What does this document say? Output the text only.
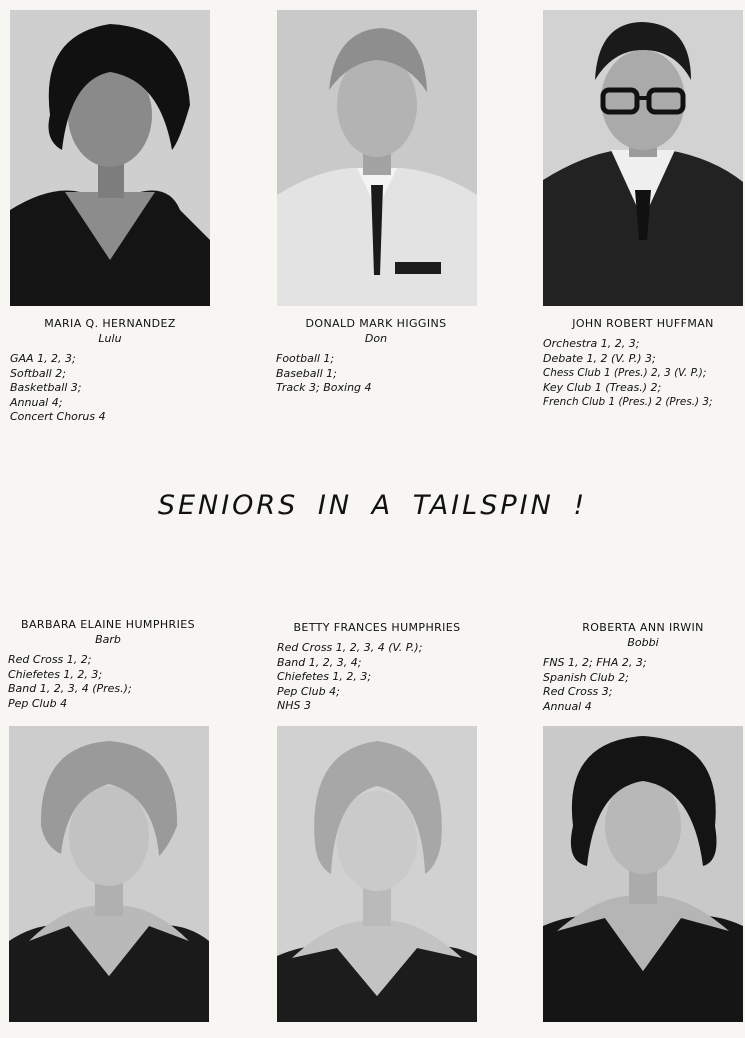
MARIA Q. HERNANDEZ

Lulu

GAA 1, 2, 3;
Softball 2;
Basketball 3;
Annual 4;
Concert Chorus 4

DONALD MARK HIGGINS

Don

Football 1;
Baseball 1;
Track 3; Boxing 4

JOHN ROBERT HUFFMAN

Orchestra 1, 2, 3;
Debate 1, 2 (V. P.) 3;
Chess Club 1 (Pres.) 2, 3 (V. P.);
Key Club 1 (Treas.) 2;
French Club 1 (Pres.) 2 (Pres.) 3;
SENIORS IN A TAILSPIN !

BARBARA ELAINE HUMPHRIES

Barb

Red Cross 1, 2;
Chiefetes 1, 2, 3;
Band 1, 2, 3, 4 (Pres.);
Pep Club 4

BETTY FRANCES HUMPHRIES

Red Cross 1, 2, 3, 4 (V. P.);
Band 1, 2, 3, 4;
Chiefetes 1, 2, 3;
Pep Club 4;
NHS 3

ROBERTA ANN IRWIN

Bobbi

FNS 1, 2; FHA 2, 3;
Spanish Club 2;
Red Cross 3;
Annual 4
